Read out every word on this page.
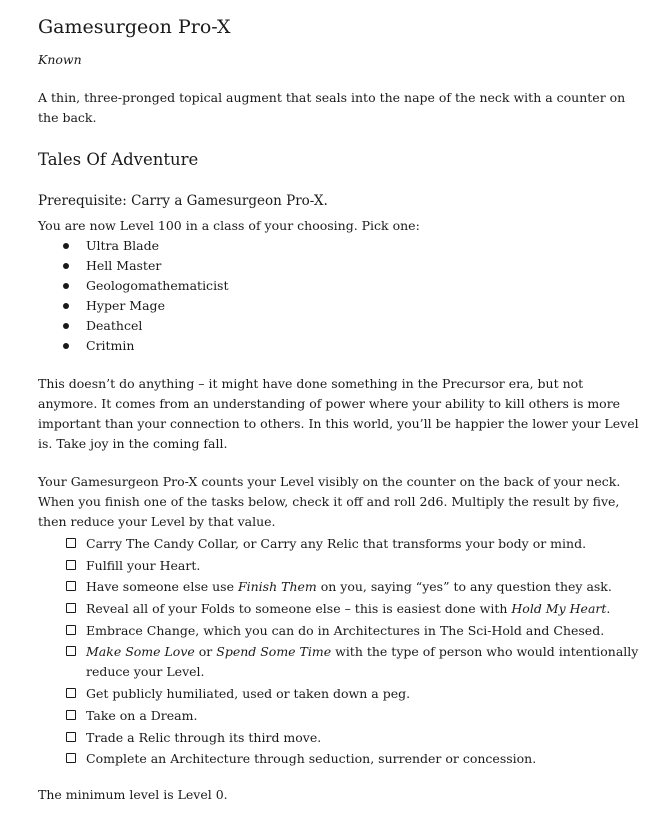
Gamesurgeon Pro-X

Known

A thin, three-pronged topical augment that seals into the nape of the neck with a counter on the back.

Tales Of Adventure

Prerequisite: Carry a Gamesurgeon Pro-X.

You are now Level 100 in a class of your choosing. Pick one:

Ultra Blade
Hell Master
Geologomathematicist
Hyper Mage
Deathcel
Critmin

This doesn’t do anything – it might have done something in the Precursor era, but not anymore. It comes from an understanding of power where your ability to kill others is more important than your connection to others. In this world, you’ll be happier the lower your Level is. Take joy in the coming fall.

Your Gamesurgeon Pro-X counts your Level visibly on the counter on the back of your neck. When you finish one of the tasks below, check it off and roll 2d6. Multiply the result by five, then reduce your Level by that value.

Carry The Candy Collar, or Carry any Relic that transforms your body or mind.
Fulfill your Heart.
Have someone else use Finish Them on you, saying “yes” to any question they ask.
Reveal all of your Folds to someone else – this is easiest done with Hold My Heart.
Embrace Change, which you can do in Architectures in The Sci-Hold and Chesed.
Make Some Love or Spend Some Time with the type of person who would intentionally reduce your Level.
Get publicly humiliated, used or taken down a peg.
Take on a Dream.
Trade a Relic through its third move.
Complete an Architecture through seduction, surrender or concession.

The minimum level is Level 0.
